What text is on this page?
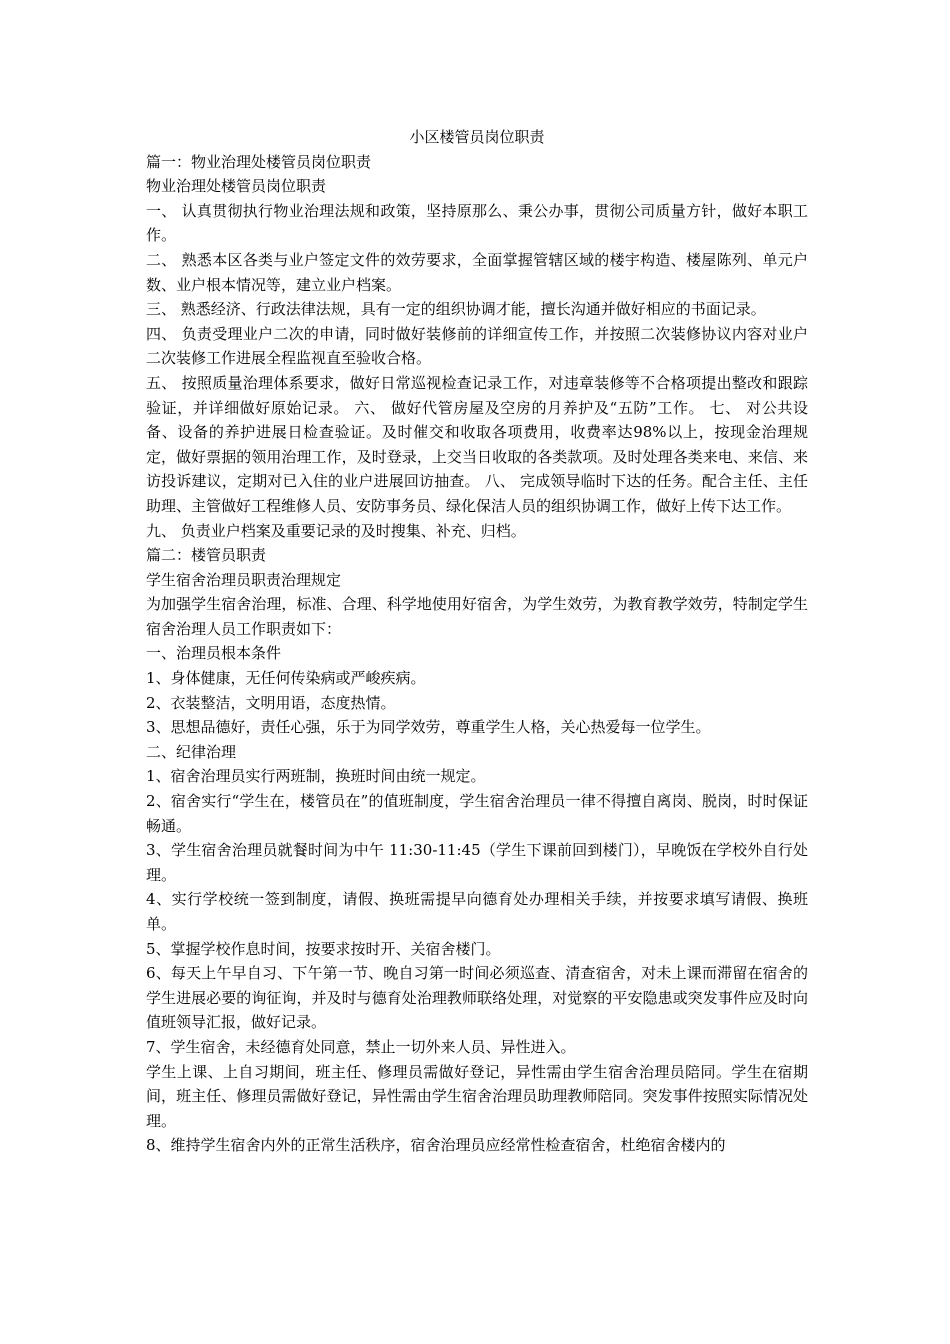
小区楼管员岗位职责

篇一：物业治理处楼管员岗位职责

物业治理处楼管员岗位职责

一、 认真贯彻执行物业治理法规和政策，坚持原那么、秉公办事，贯彻公司质量方针，做好本职工作。

二、 熟悉本区各类与业户签定文件的效劳要求，全面掌握管辖区域的楼宇构造、楼屋陈列、单元户数、业户根本情况等，建立业户档案。

三、 熟悉经济、行政法律法规，具有一定的组织协调才能，擅长沟通并做好相应的书面记录。

四、 负责受理业户二次的申请，同时做好装修前的详细宣传工作，并按照二次装修协议内容对业户二次装修工作进展全程监视直至验收合格。

五、 按照质量治理体系要求，做好日常巡视检查记录工作，对违章装修等不合格项提出整改和跟踪验证，并详细做好原始记录。 六、 做好代管房屋及空房的月养护及“五防”工作。 七、 对公共设备、设备的养护进展日检查验证。及时催交和收取各项费用，收费率达98%以上，按现金治理规定，做好票据的领用治理工作，及时登录，上交当日收取的各类款项。及时处理各类来电、来信、来访投诉建议，定期对已入住的业户进展回访抽查。 八、 完成领导临时下达的任务。配合主任、主任助理、主管做好工程维修人员、安防事务员、绿化保洁人员的组织协调工作，做好上传下达工作。

九、 负责业户档案及重要记录的及时搜集、补充、归档。

篇二：楼管员职责

学生宿舍治理员职责治理规定

为加强学生宿舍治理，标准、合理、科学地使用好宿舍，为学生效劳，为教育教学效劳，特制定学生宿舍治理人员工作职责如下：

一、治理员根本条件

1、身体健康，无任何传染病或严峻疾病。

2、衣装整洁，文明用语，态度热情。

3、思想品德好，责任心强，乐于为同学效劳，尊重学生人格，关心热爱每一位学生。

二、纪律治理

1、宿舍治理员实行两班制，换班时间由统一规定。

2、宿舍实行“学生在，楼管员在”的值班制度，学生宿舍治理员一律不得擅自离岗、脱岗，时时保证畅通。

3、学生宿舍治理员就餐时间为中午 11:30-11:45（学生下课前回到楼门），早晚饭在学校外自行处理。

4、实行学校统一签到制度，请假、换班需提早向德育处办理相关手续，并按要求填写请假、换班单。

5、掌握学校作息时间，按要求按时开、关宿舍楼门。

6、每天上午早自习、下午第一节、晚自习第一时间必须巡查、清查宿舍，对未上课而滞留在宿舍的学生进展必要的询征询，并及时与德育处治理教师联络处理，对觉察的平安隐患或突发事件应及时向值班领导汇报，做好记录。

7、学生宿舍，未经德育处同意，禁止一切外来人员、异性进入。

学生上课、上自习期间，班主任、修理员需做好登记，异性需由学生宿舍治理员陪同。学生在宿期间，班主任、修理员需做好登记，异性需由学生宿舍治理员助理教师陪同。突发事件按照实际情况处理。

8、维持学生宿舍内外的正常生活秩序，宿舍治理员应经常性检查宿舍，杜绝宿舍楼内的
